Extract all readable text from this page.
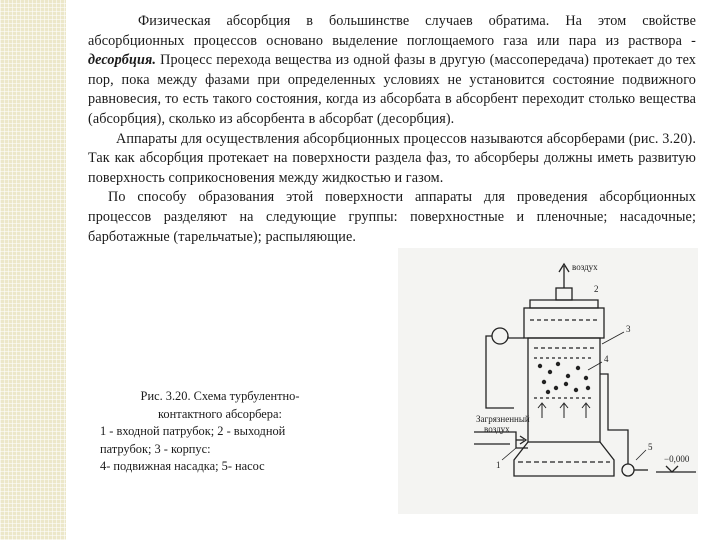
Физическая абсорбция в большинстве случаев обратима. На этом свойстве абсорбционных процессов основано выделение поглощаемого газа или пара из раствора - десорбция. Процесс перехода вещества из одной фазы в другую (массопередача) протекает до тех пор, пока между фазами при определенных условиях не установится состояние подвижного равновесия, то есть такого состояния, когда из абсорбата в абсорбент переходит столько вещества (абсорбция), сколько из абсорбента в абсорбат (десорбция).

Аппараты для осуществления абсорбционных процессов называются абсорберами (рис. 3.20). Так как абсорбция протекает на поверхности раздела фаз, то абсорберы должны иметь развитую поверхность соприкосновения между жидкостью и газом.

По способу образования этой поверхности аппараты для проведения абсорбционных процессов разделяют на следующие группы: поверхностные и пленочные; насадочные; барботажные (тарельчатые); распыляющие.

Рис. 3.20. Схема турбулентно-
контактного абсорбера:
1 - входной патрубок; 2 - выходной
патрубок; 3 - корпус:
4- подвижная насадка; 5- насос
воздух
Загрязненный
воздух
−0,000
1
2
3
4
5
